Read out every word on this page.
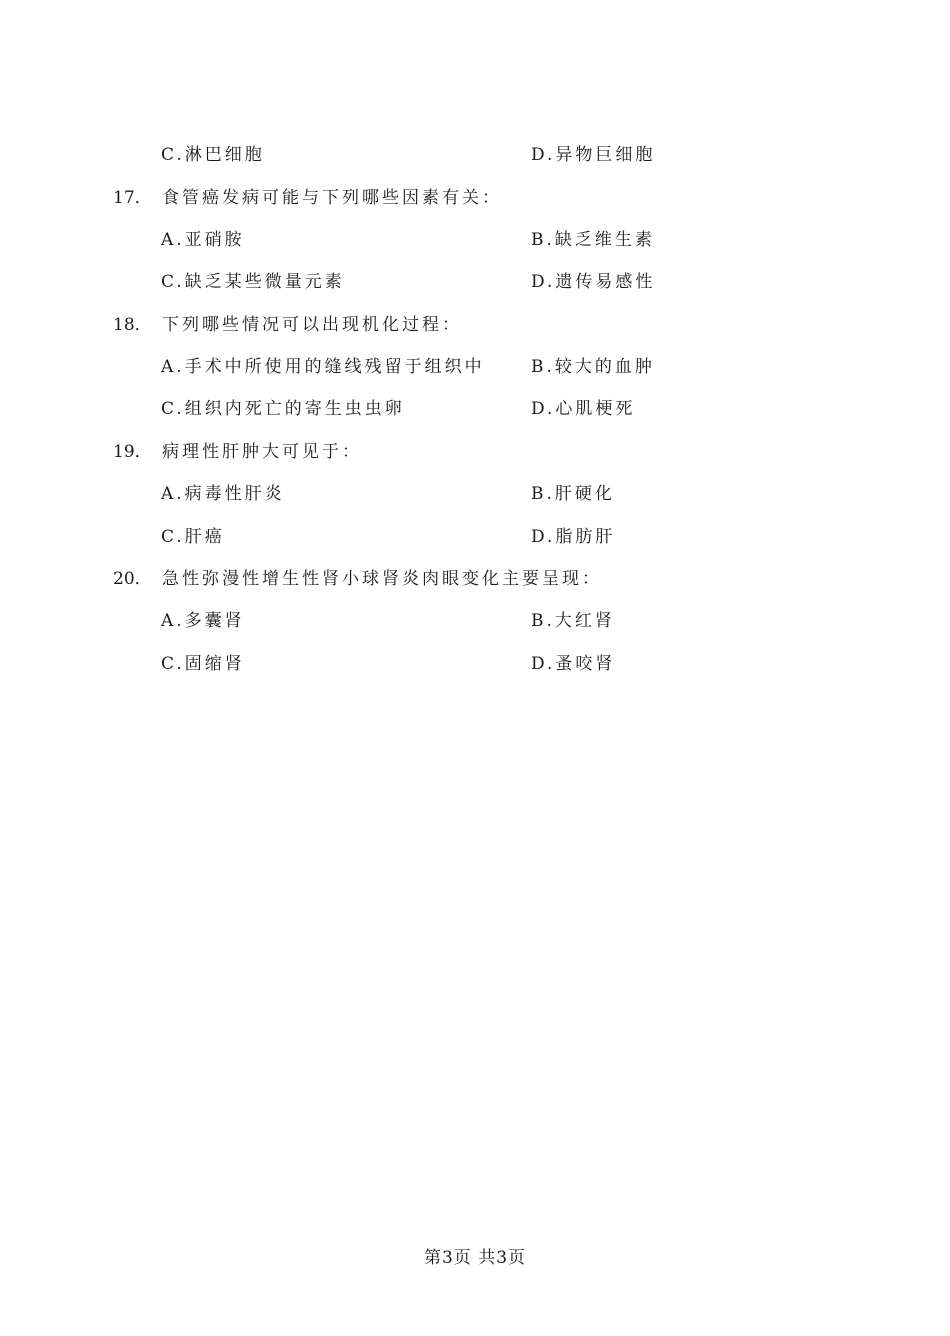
C.淋巴细胞	D.异物巨细胞
17． 食管癌发病可能与下列哪些因素有关：
A.亚硝胺	B.缺乏维生素
C.缺乏某些微量元素	D.遗传易感性
18． 下列哪些情况可以出现机化过程：
A.手术中所使用的缝线残留于组织中	B.较大的血肿
C.组织内死亡的寄生虫虫卵	D.心肌梗死
19． 病理性肝肿大可见于：
A.病毒性肝炎	B.肝硬化
C.肝癌	D.脂肪肝
20． 急性弥漫性增生性肾小球肾炎肉眼变化主要呈现：
A.多囊肾	B.大红肾
C.固缩肾	D.蚤咬肾
第3页 共3页
